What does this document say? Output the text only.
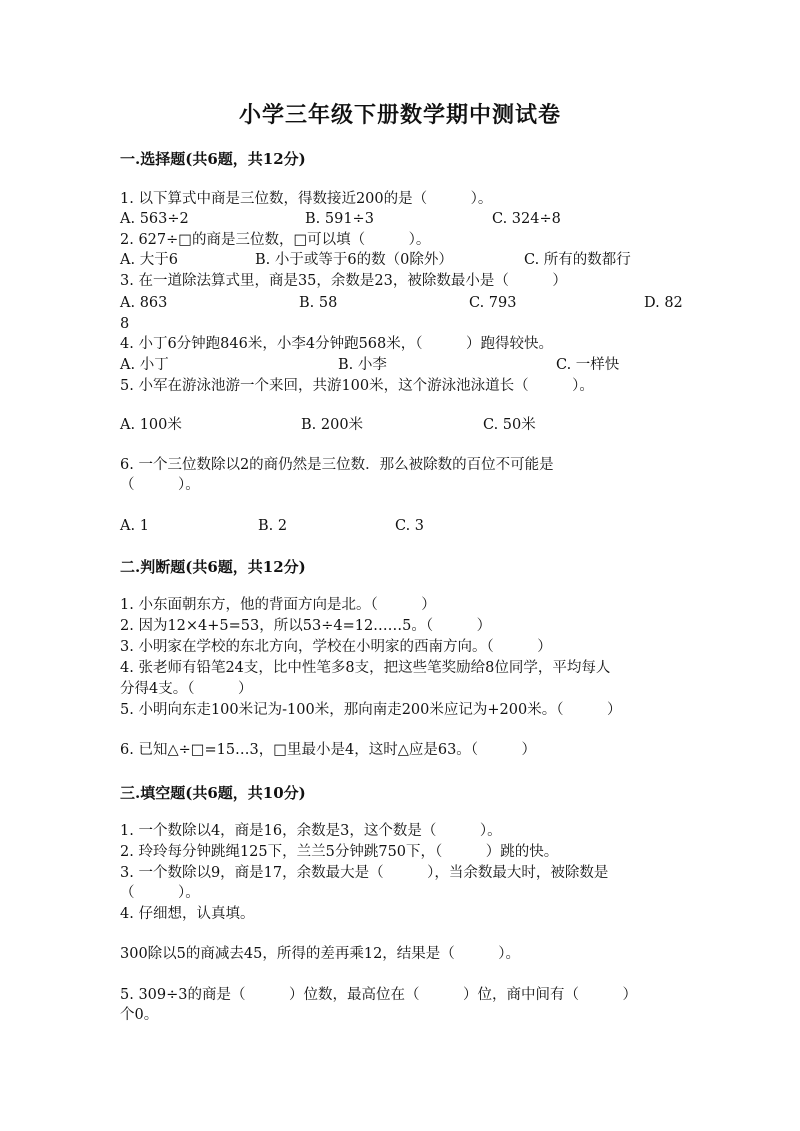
小学三年级下册数学期中测试卷
一.选择题(共6题，共12分)
1. 以下算式中商是三位数，得数接近200的是（　　　）。
A. 563÷2	B. 591÷3	C. 324÷8
2. 627÷□的商是三位数，□可以填（　　　）。
A. 大于6	B. 小于或等于6的数（0除外）	C. 所有的数都行
3. 在一道除法算式里，商是35，余数是23，被除数最小是（　　　）
A. 863	B. 58	C. 793	D. 82
8
4. 小丁6分钟跑846米，小李4分钟跑568米，（　　　）跑得较快。
A. 小丁	B. 小李	C. 一样快
5. 小军在游泳池游一个来回，共游100米，这个游泳池泳道长（　　　）。
A. 100米	B. 200米	C. 50米
6. 一个三位数除以2的商仍然是三位数．那么被除数的百位不可能是
（　　　）。
A. 1	B. 2	C. 3
二.判断题(共6题，共12分)
1. 小东面朝东方，他的背面方向是北。（　　　）
2. 因为12×4+5=53，所以53÷4=12……5。（　　　）
3. 小明家在学校的东北方向，学校在小明家的西南方向。（　　　）
4. 张老师有铅笔24支，比中性笔多8支，把这些笔奖励给8位同学，平均每人
分得4支。（　　　）
5. 小明向东走100米记为-100米，那向南走200米应记为+200米。（　　　）
6. 已知△÷□=15…3，□里最小是4，这时△应是63。（　　　）
三.填空题(共6题，共10分)
1. 一个数除以4，商是16，余数是3，这个数是（　　　）。
2. 玲玲每分钟跳绳125下，兰兰5分钟跳750下，（　　　）跳的快。
3. 一个数除以9，商是17，余数最大是（　　　），当余数最大时，被除数是
（　　　）。
4. 仔细想，认真填。
300除以5的商减去45，所得的差再乘12，结果是（　　　）。
5. 309÷3的商是（　　　）位数，最高位在（　　　）位，商中间有（　　　）
个0。
